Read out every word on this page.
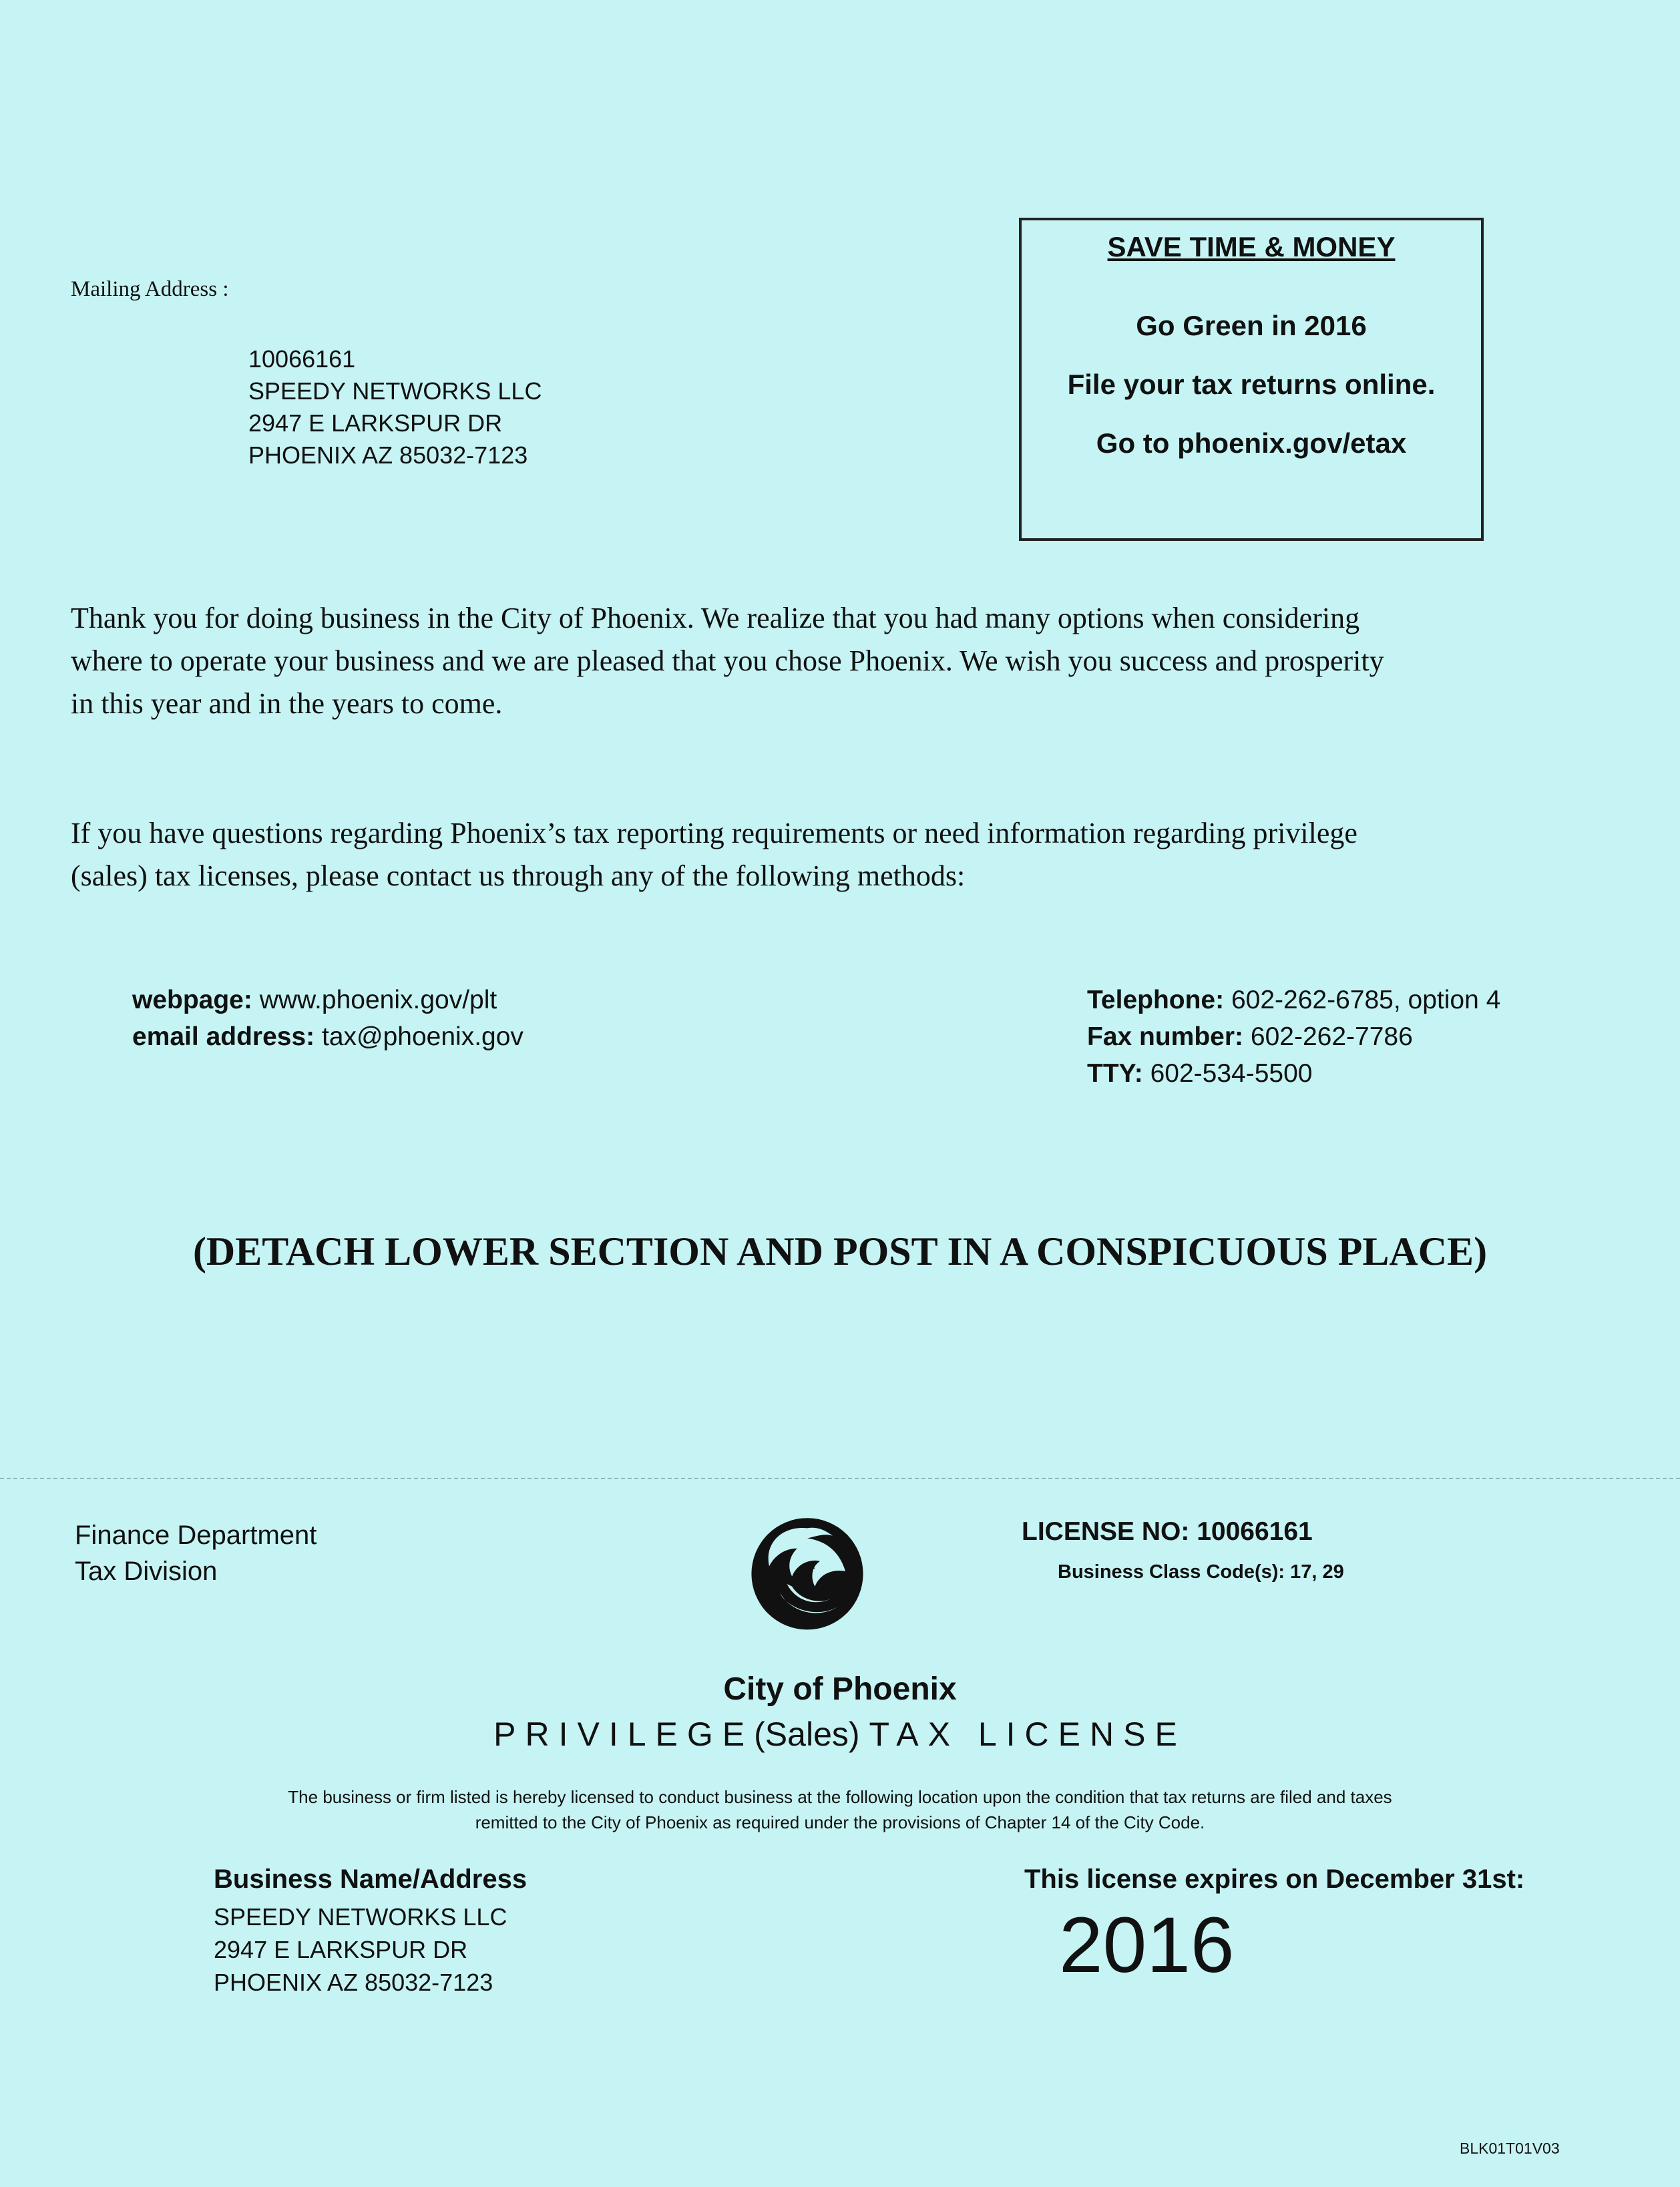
Mailing Address :
10066161
SPEEDY NETWORKS LLC
2947 E LARKSPUR DR
PHOENIX AZ 85032-7123
SAVE TIME & MONEY
Go Green in 2016
File your tax returns online.
Go to phoenix.gov/etax
Thank you for doing business in the City of Phoenix. We realize that you had many options when considering where to operate your business and we are pleased that you chose Phoenix. We wish you success and prosperity in this year and in the years to come.
If you have questions regarding Phoenix’s tax reporting requirements or need information regarding privilege (sales) tax licenses, please contact us through any of the following methods:
webpage: www.phoenix.gov/plt
email address: tax@phoenix.gov
Telephone: 602-262-6785, option 4
Fax number: 602-262-7786
TTY: 602-534-5500
(DETACH LOWER SECTION AND POST IN A CONSPICUOUS PLACE)
Finance Department
Tax Division
LICENSE NO: 10066161
Business Class Code(s): 17, 29
City of Phoenix
PRIVILEGE(Sales) TAX LICENSE
The business or firm listed is hereby licensed to conduct business at the following location upon the condition that tax returns are filed and taxes
remitted to the City of Phoenix as required under the provisions of Chapter 14 of the City Code.
Business Name/Address
SPEEDY NETWORKS LLC
2947 E LARKSPUR DR
PHOENIX AZ 85032-7123
This license expires on December 31st:
2016
BLK01T01V03
